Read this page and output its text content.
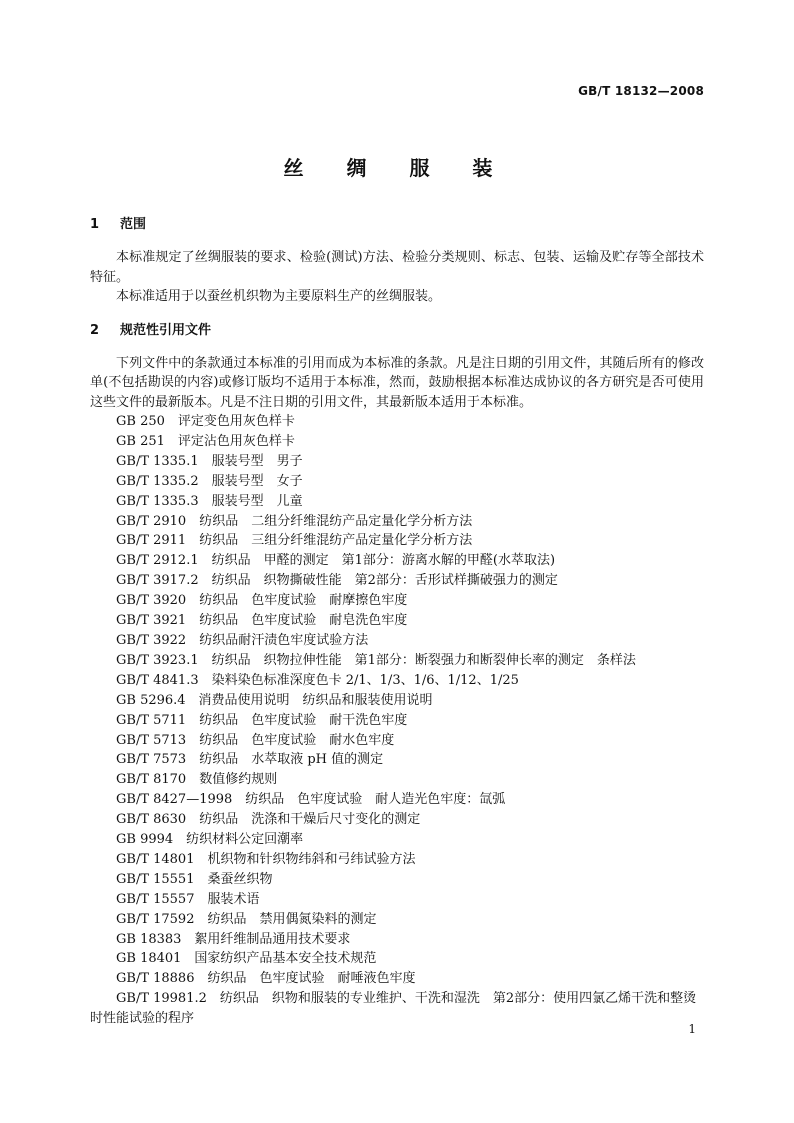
GB/T 18132—2008
丝 绸 服 装
1 范围

本标准规定了丝绸服装的要求、检验(测试)方法、检验分类规则、标志、包装、运输及贮存等全部技术特征。

本标准适用于以蚕丝机织物为主要原料生产的丝绸服装。

2 规范性引用文件

下列文件中的条款通过本标准的引用而成为本标准的条款。凡是注日期的引用文件，其随后所有的修改单(不包括勘误的内容)或修订版均不适用于本标准，然而，鼓励根据本标准达成协议的各方研究是否可使用这些文件的最新版本。凡是不注日期的引用文件，其最新版本适用于本标准。

GB 250　评定变色用灰色样卡
GB 251　评定沾色用灰色样卡
GB/T 1335.1　服装号型　男子
GB/T 1335.2　服装号型　女子
GB/T 1335.3　服装号型　儿童
GB/T 2910　纺织品　二组分纤维混纺产品定量化学分析方法
GB/T 2911　纺织品　三组分纤维混纺产品定量化学分析方法
GB/T 2912.1　纺织品　甲醛的测定　第1部分：游离水解的甲醛(水萃取法)
GB/T 3917.2　纺织品　织物撕破性能　第2部分：舌形试样撕破强力的测定
GB/T 3920　纺织品　色牢度试验　耐摩擦色牢度
GB/T 3921　纺织品　色牢度试验　耐皂洗色牢度
GB/T 3922　纺织品耐汗渍色牢度试验方法
GB/T 3923.1　纺织品　织物拉伸性能　第1部分：断裂强力和断裂伸长率的测定　条样法
GB/T 4841.3　染料染色标准深度色卡 2/1、1/3、1/6、1/12、1/25
GB 5296.4　消费品使用说明　纺织品和服装使用说明
GB/T 5711　纺织品　色牢度试验　耐干洗色牢度
GB/T 5713　纺织品　色牢度试验　耐水色牢度
GB/T 7573　纺织品　水萃取液 pH 值的测定
GB/T 8170　数值修约规则
GB/T 8427—1998　纺织品　色牢度试验　耐人造光色牢度：氙弧
GB/T 8630　纺织品　洗涤和干燥后尺寸变化的测定
GB 9994　纺织材料公定回潮率
GB/T 14801　机织物和针织物纬斜和弓纬试验方法
GB/T 15551　桑蚕丝织物
GB/T 15557　服装术语
GB/T 17592　纺织品　禁用偶氮染料的测定
GB 18383　絮用纤维制品通用技术要求
GB 18401　国家纺织产品基本安全技术规范
GB/T 18886　纺织品　色牢度试验　耐唾液色牢度
GB/T 19981.2　纺织品　织物和服装的专业维护、干洗和湿洗　第2部分：使用四氯乙烯干洗和整烫时性能试验的程序
1
